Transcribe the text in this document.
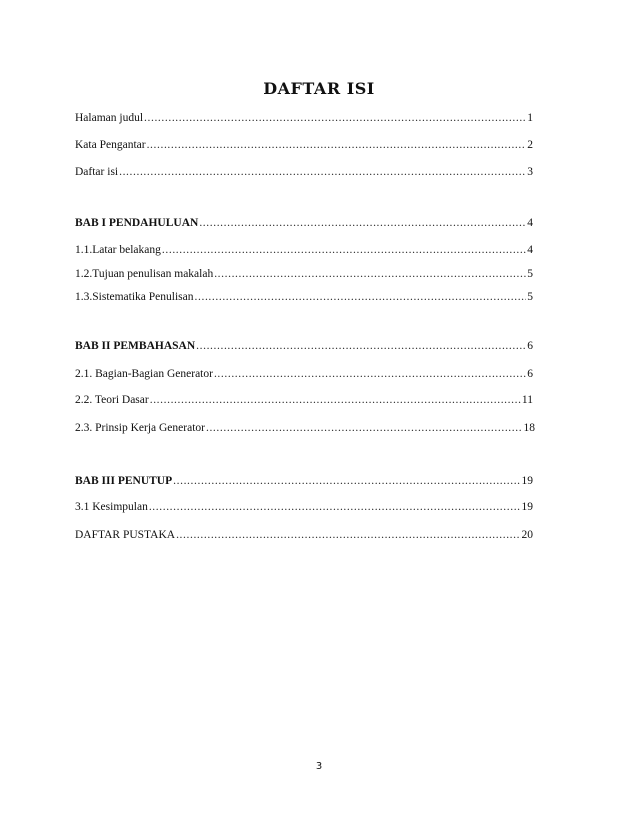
DAFTAR ISI
Halaman judul .....	1
Kata Pengantar .....	2
Daftar isi .....	3
BAB I PENDAHULUAN .....	4
1.1.Latar belakang .....	4
1.2.Tujuan penulisan makalah .....	5
1.3.Sistematika Penulisan .....	5
BAB II PEMBAHASAN .....	6
2.1. Bagian-Bagian Generator .....	6
2.2. Teori Dasar .....	11
2.3. Prinsip Kerja Generator .....	18
BAB III PENUTUP .....	19
3.1 Kesimpulan .....	19
DAFTAR PUSTAKA .....	20
3
